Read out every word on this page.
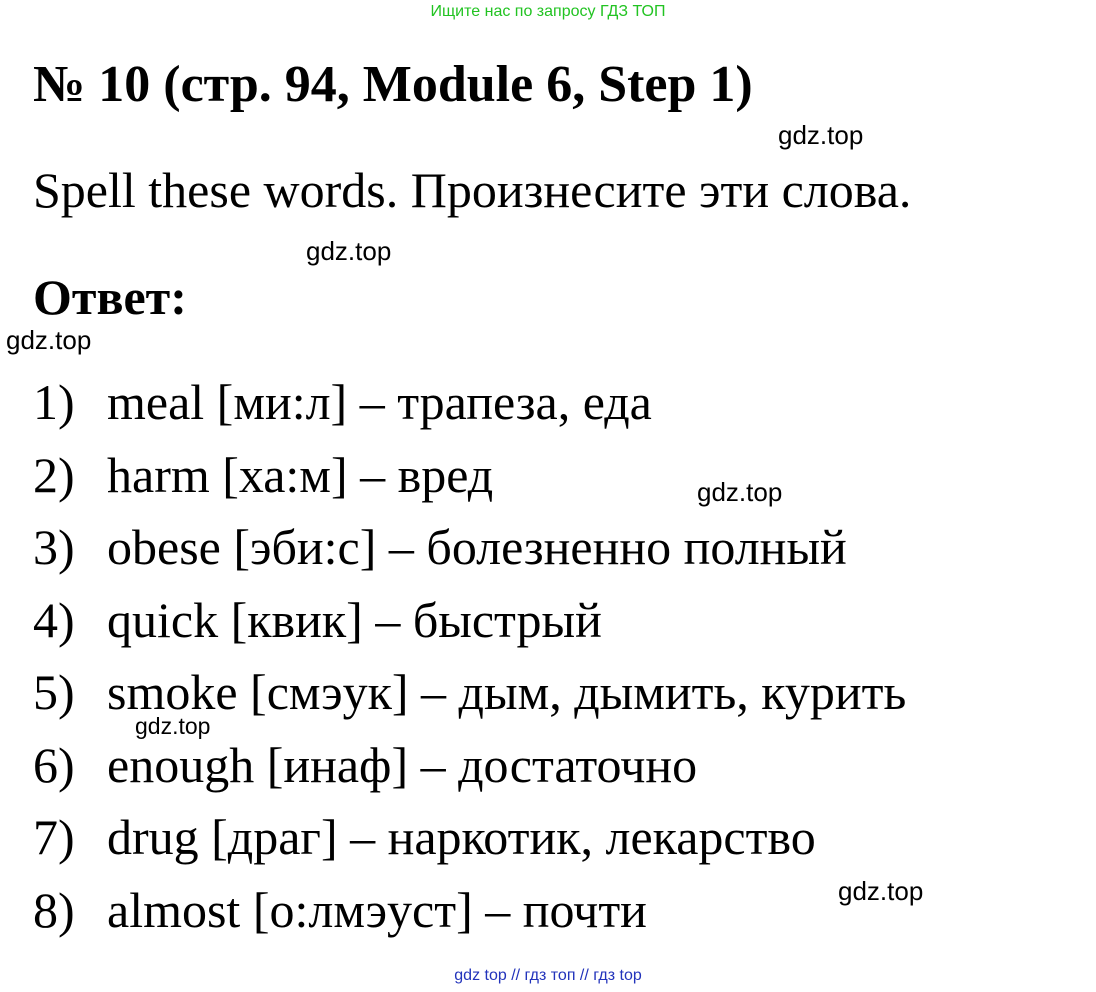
Ищите нас по запросу ГДЗ ТОП
№ 10 (стр. 94, Module 6, Step 1)
gdz.top
Spell these words. Произнесите эти слова.
gdz.top
Ответ:
gdz.top
1) meal [ми:л] – трапеза, еда
2) harm [ха:м] – вред
3) obese [эби:с] – болезненно полный
4) quick [квик] – быстрый
5) smoke [смэук] – дым, дымить, курить
6) enough [инаф] – достаточно
7) drug [драг] – наркотик, лекарство
8) almost [о:лмэуст] – почти
gdz.top
gdz.top
gdz.top
gdz top // гдз топ // гдз top
